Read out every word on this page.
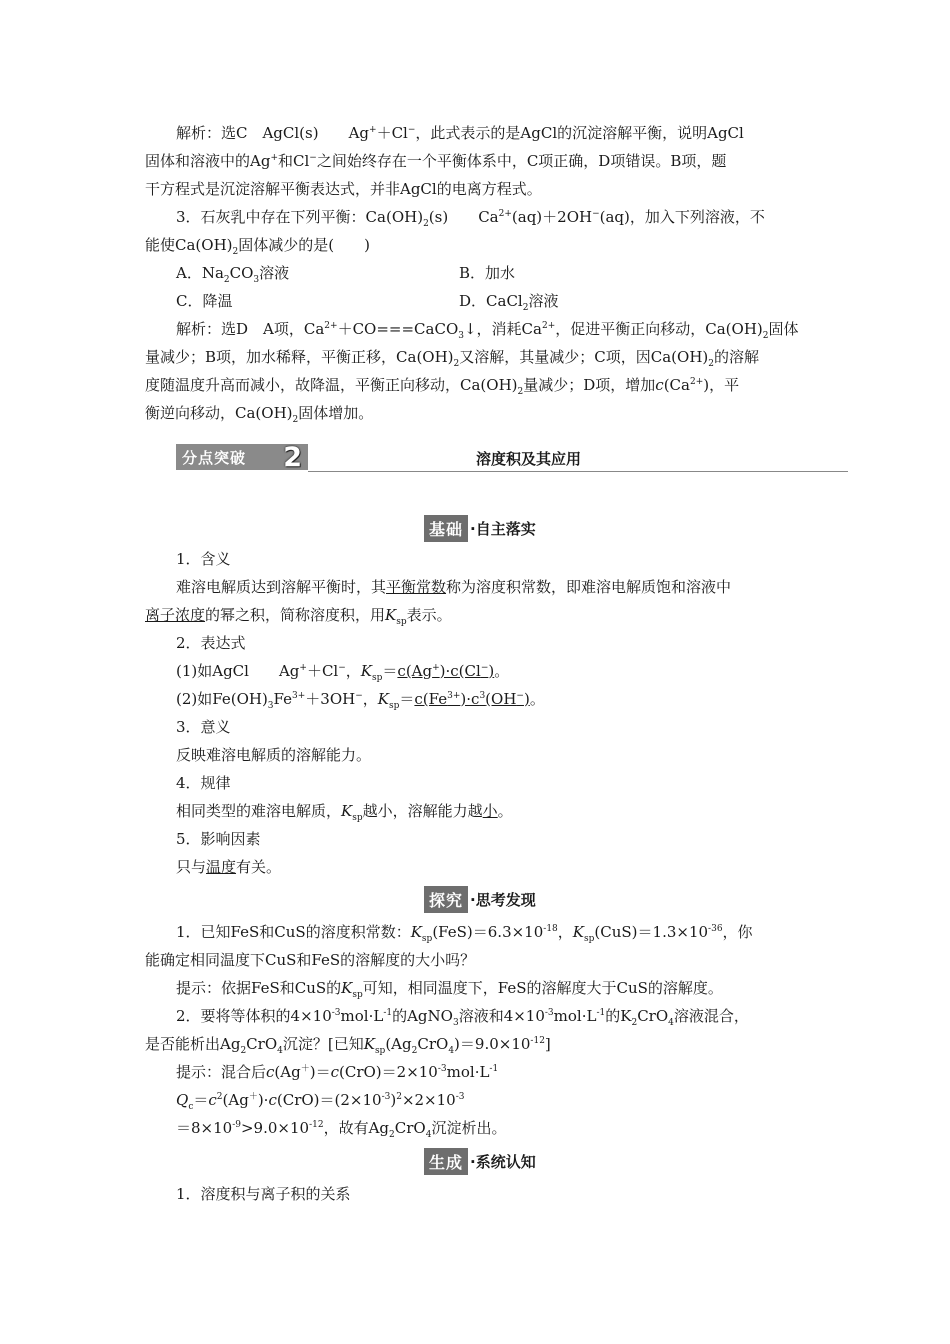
解析：选C　AgCl(s)　　Ag+＋Cl−，此式表示的是AgCl的沉淀溶解平衡，说明AgCl
固体和溶液中的Ag+和Cl−之间始终存在一个平衡体系中，C项正确，D项错误。B项，题
干方程式是沉淀溶解平衡表达式，并非AgCl的电离方程式。
3．石灰乳中存在下列平衡：$Ca(OH)_2(s)$　　$Ca^{2+}(aq)+2OH^-(aq)$，加入下列溶液，不
能使$Ca(OH)_2$固体减少的是(　　)
A．$Na_2CO_3$溶液	B．加水
C．降温	D．CaCl$_2$溶液
解析：选D　A项，$Ca^{2+}+CO===CaCO_3↓$，消耗$Ca^{2+}$，促进平衡正向移动，$Ca(OH)_2$固体
量减少；B项，加水稀释，平衡正移，$Ca(OH)_2$又溶解，其量减少；C项，因$Ca(OH)_2$的溶解
度随温度升高而减小，故降温，平衡正向移动，$Ca(OH)_2$量减少；D项，增加$c(Ca^{2+})$，平
衡逆向移动，$Ca(OH)_2$固体增加。
分点突破 2	溶度积及其应用
基础 ·自主落实
1．含义
难溶电解质达到溶解平衡时，其平衡常数称为溶度积常数，即难溶电解质饱和溶液中
离子浓度的幂之积，简称溶度积，用$K_{sp}$表示。
2．表达式
(1)如AgCl　　Ag+＋Cl−，$K_{sp}=c(Ag^+)\cdot c(Cl^-)$。
(2)如$Fe(OH)_3Fe^{3+}+3OH^-$，$K_{sp}=c(Fe^{3+})\cdot c^3(OH^-)$。
3．意义
反映难溶电解质的溶解能力。
4．规律
相同类型的难溶电解质，$K_{sp}$越小，溶解能力越小。
5．影响因素
只与温度有关。
探究 ·思考发现
1．已知FeS和CuS的溶度积常数：$K_{sp}(FeS)=6.3\times 10^{-18}$，$K_{sp}(CuS)=1.3\times 10^{-36}$，你
能确定相同温度下CuS和FeS的溶解度的大小吗？
提示：依据FeS和CuS的$K_{sp}$可知，相同温度下，FeS的溶解度大于CuS的溶解度。
2．要将等体积的$4\times 10^{-3}mol\cdot L^{-1}$的AgNO$_3$溶液和$4\times 10^{-3}mol\cdot L^{-1}$的$K_2CrO_4$溶液混合，
是否能析出$Ag_2CrO_4$沉淀？[已知$K_{sp}(Ag_2CrO_4)=9.0\times 10^{-12}$]
提示：混合后$c(Ag^+)=c(CrO)=2\times 10^{-3}mol\cdot L^{-1}$
$Q_c=c^2(Ag^+)\cdot c(CrO)=(2\times 10^{-3})^2\times 2\times 10^{-3}$
$=8\times 10^{-9}>9.0\times 10^{-12}$，故有$Ag_2CrO_4$沉淀析出。
生成 ·系统认知
1．溶度积与离子积的关系
